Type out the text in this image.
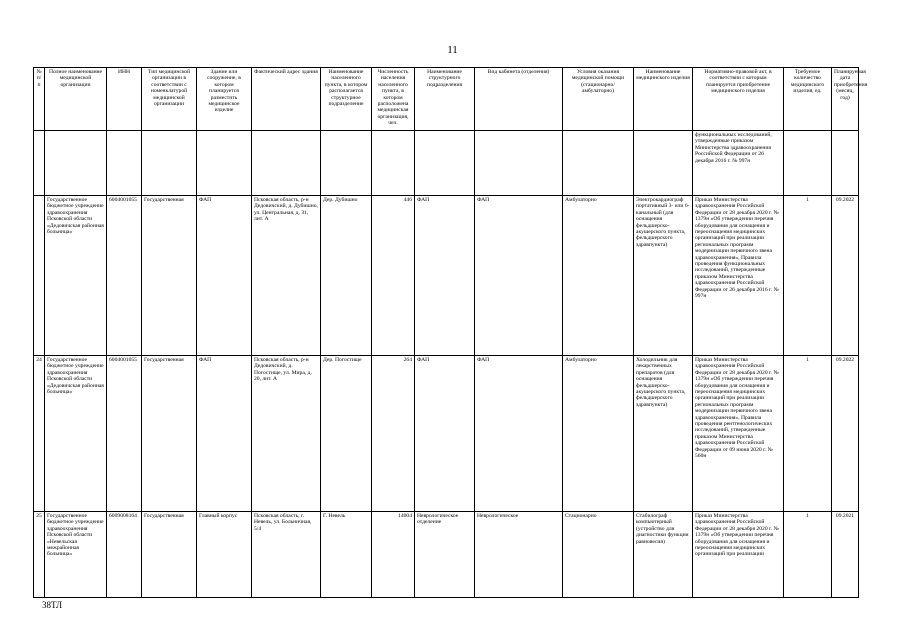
11
№ п/п	Полное наименование медицинской организации	ИНН	Тип медицинской организации в соответствии с номенклатурой медицинской организации	Здание или сооружение, в котором планируется разместить медицинское изделие	Фактический адрес здания	Наименование населенного пункта, в котором располагается структурное подразделение	Численность населения населенного пункта, в котором расположена медицинская организация, чел.	Наименование структурного подразделения	Вид кабинета (отделения)	Условия оказания медицинской помощи (стационарно/ амбулаторно)	Наименование медицинского изделия	Нормативно-правовой акт, в соответствии с которым планируется приобретение медицинского изделия	Требуемое количество медицинского изделия, ед.	Планируемая дата приобретения (месяц, год)
												функциональных исследований, утвержденные приказом Министерства здравоохранения Российской Федерации от 26 декабря 2016 г. № 997н		
	Государственное бюджетное учреждение здравоохранения Псковской области «Дедовичская районная больница»	6004001055	Государственная	ФАП	Псковская область, р-н Дедовичский, д. Дубишно, ул. Центральная, д. 31, лит. А	Дер. Дубишно	446	ФАП	ФАП	Амбулаторно	Электрокардиограф портативный 3- или 6-канальный (для оснащения фельдшерско-акушерского пункта, фельдшерского здравпункта)	Приказ Министерства здравоохранения Российской Федерации от 28 декабря 2020 г. № 1379н «Об утверждении перечня оборудования для оснащения и переоснащения медицинских организаций при реализации региональных программ модернизации первичного звена здравоохранения», Правила проведения функциональных исследований, утвержденные приказом Министерства здравоохранения Российской Федерации от 26 декабря 2016 г. № 997н	1	09.2022
24	Государственное бюджетное учреждение здравоохранения Псковской области «Дедовичская районная больница»	6004001055	Государственная	ФАП	Псковская область, р-н Дедовичский, д. Погостище, ул. Мира, д. 20, лит. А	Дер. Погостище	264	ФАП	ФАП	Амбулаторно	Холодильник для лекарственных препаратов (для оснащения фельдшерско-акушерского пункта, фельдшерского здравпункта)	Приказ Министерства здравоохранения Российской Федерации от 28 декабря 2020 г. № 1379н «Об утверждении перечня оборудования для оснащения и переоснащения медицинских организаций при реализации региональных программ модернизации первичного звена здравоохранения», Правила проведения рентгенологических исследований, утвержденные приказом Министерства здравоохранения Российской Федерации от 09 июня 2020 г. № 560н	1	09.2022
25	Государственное бюджетное учреждение здравоохранения Псковской области «Невельская межрайонная больница»	6009008164	Государственная	Главный корпус	Псковская область, г. Невель, ул. Больничная, 5/4	Г. Невель	14004	Неврологическое отделение	Неврологическое	Стационарно	Стабилограф компьютерный (устройство для диагностики функции равновесия)	Приказ Министерства здравоохранения Российской Федерации от 28 декабря 2020 г. № 1379н «Об утверждении перечня оборудования для оснащения и переоснащения медицинских организаций при реализации	1	09.2021
38ТЛ
